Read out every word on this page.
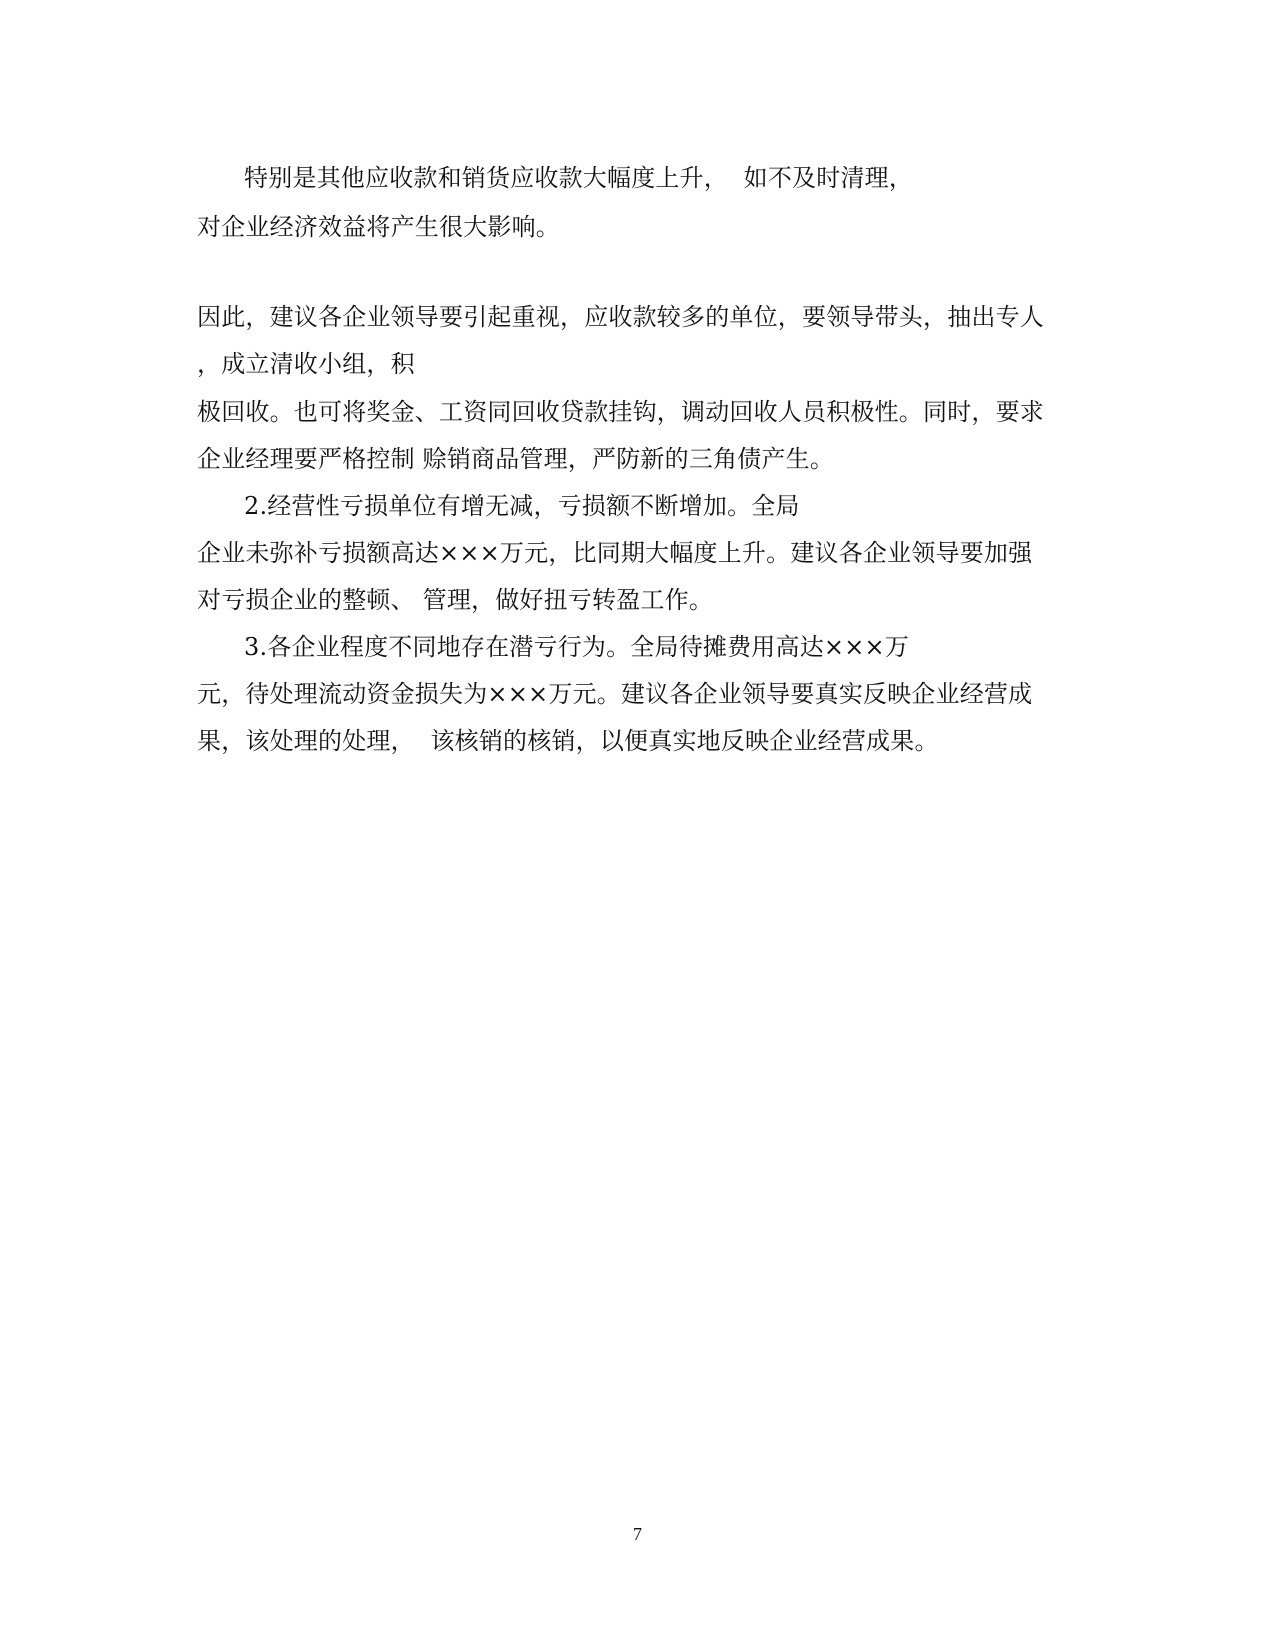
特别是其他应收款和销货应收款大幅度上升，  如不及时清理，
对企业经济效益将产生很大影响。
因此，建议各企业领导要引起重视，应收款较多的单位，要领导带头，抽出专人
，成立清收小组，积
极回收。也可将奖金、工资同回收贷款挂钩，调动回收人员积极性。同时，要求
企业经理要严格控制 赊销商品管理，严防新的三角债产生。
2.经营性亏损单位有增无减，亏损额不断增加。全局
企业未弥补亏损额高达×××万元，比同期大幅度上升。建议各企业领导要加强
对亏损企业的整顿、 管理，做好扭亏转盈工作。
3.各企业程度不同地存在潜亏行为。全局待摊费用高达×××万
元，待处理流动资金损失为×××万元。建议各企业领导要真实反映企业经营成
果，该处理的处理，  该核销的核销，以便真实地反映企业经营成果。
7
